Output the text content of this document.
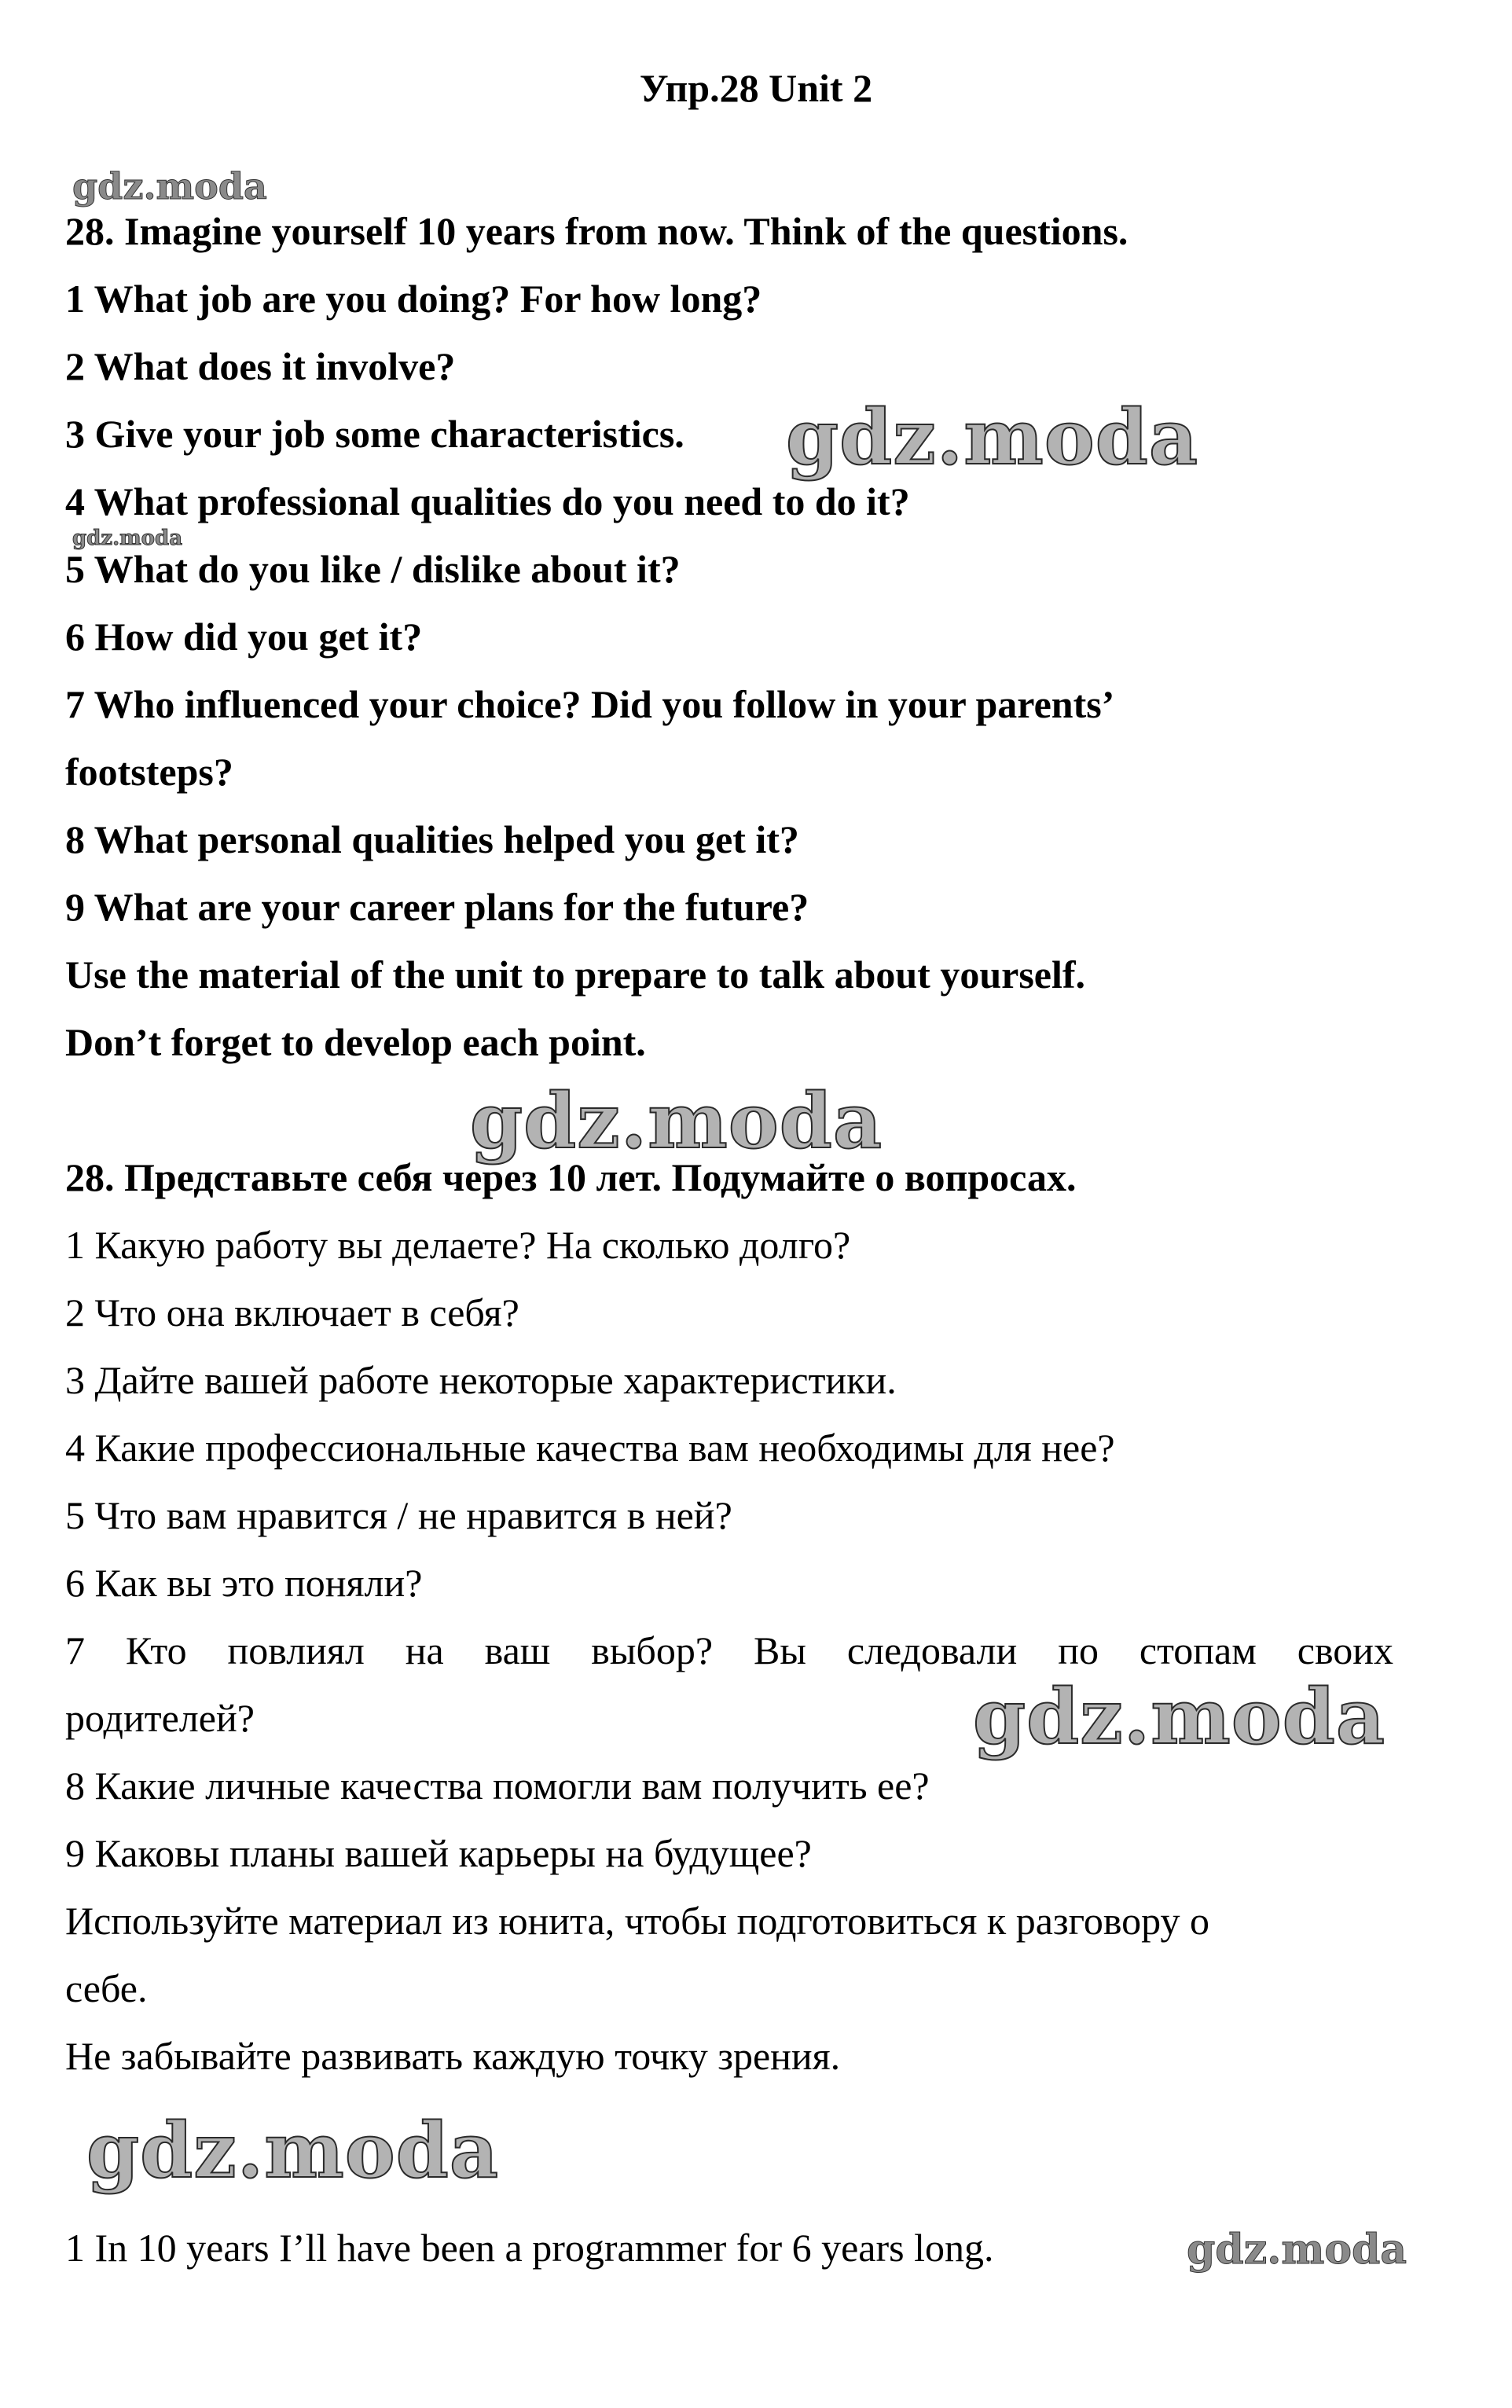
Упр.28 Unit 2
gdz.moda
gdz.moda
gdz.moda
gdz.moda
gdz.moda
gdz.moda
gdz.moda
28. Imagine yourself 10 years from now. Think of the questions.
1 What job are you doing? For how long?
2 What does it involve?
3 Give your job some characteristics.
4 What professional qualities do you need to do it?
5 What do you like / dislike about it?
6 How did you get it?
7 Who influenced your choice? Did you follow in your parents’
footsteps?
8 What personal qualities helped you get it?
9 What are your career plans for the future?
Use the material of the unit to prepare to talk about yourself.
Don’t forget to develop each point.
28. Представьте себя через 10 лет. Подумайте о вопросах.
1 Какую работу вы делаете? На сколько долго?
2 Что она включает в себя?
3 Дайте вашей работе некоторые характеристики.
4 Какие профессиональные качества вам необходимы для нее?
5 Что вам нравится / не нравится в ней?
6 Как вы это поняли?
7 Кто повлиял на ваш выбор? Вы следовали по стопам своих
родителей?
8 Какие личные качества помогли вам получить ее?
9 Каковы планы вашей карьеры на будущее?
Используйте материал из юнита, чтобы подготовиться к разговору о
себе.
Не забывайте развивать каждую точку зрения.
1 In 10 years I’ll have been a programmer for 6 years long.
